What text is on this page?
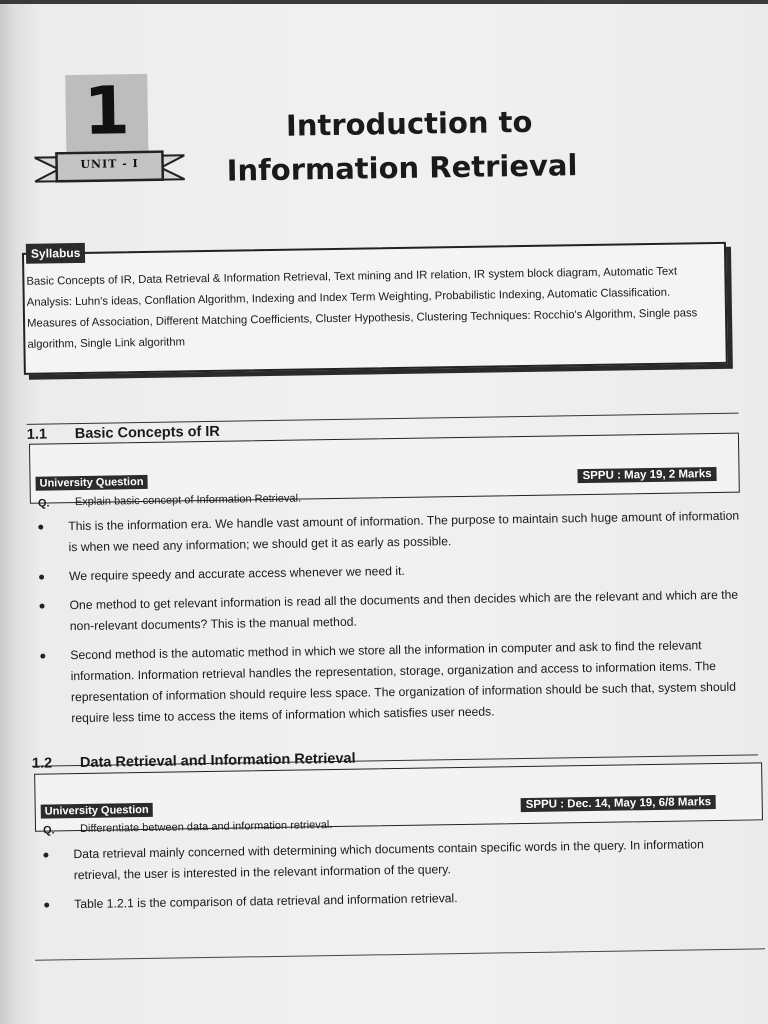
1
UNIT - I
Introduction to
Information Retrieval
Syllabus
Basic Concepts of IR, Data Retrieval & Information Retrieval, Text mining and IR relation, IR system block diagram, Automatic Text Analysis: Luhn's ideas, Conflation Algorithm, Indexing and Index Term Weighting, Probabilistic Indexing, Automatic Classification. Measures of Association, Different Matching Coefficients, Cluster Hypothesis, Clustering Techniques: Rocchio's Algorithm, Single pass algorithm, Single Link algorithm
1.1 Basic Concepts of IR
University Question
SPPU : May 19, 2 Marks
Q. Explain basic concept of Information Retrieval.
This is the information era. We handle vast amount of information. The purpose to maintain such huge amount of information is when we need any information; we should get it as early as possible.
We require speedy and accurate access whenever we need it.
One method to get relevant information is read all the documents and then decides which are the relevant and which are the non-relevant documents? This is the manual method.
Second method is the automatic method in which we store all the information in computer and ask to find the relevant information. Information retrieval handles the representation, storage, organization and access to information items. The representation of information should require less space. The organization of information should be such that, system should require less time to access the items of information which satisfies user needs.
1.2 Data Retrieval and Information Retrieval
University Question	SPPU : Dec. 14, May 19, 6/8 Marks
Q. Differentiate between data and information retrieval.
Data retrieval mainly concerned with determining which documents contain specific words in the query. In information retrieval, the user is interested in the relevant information of the query.
Table 1.2.1 is the comparison of data retrieval and information retrieval.
